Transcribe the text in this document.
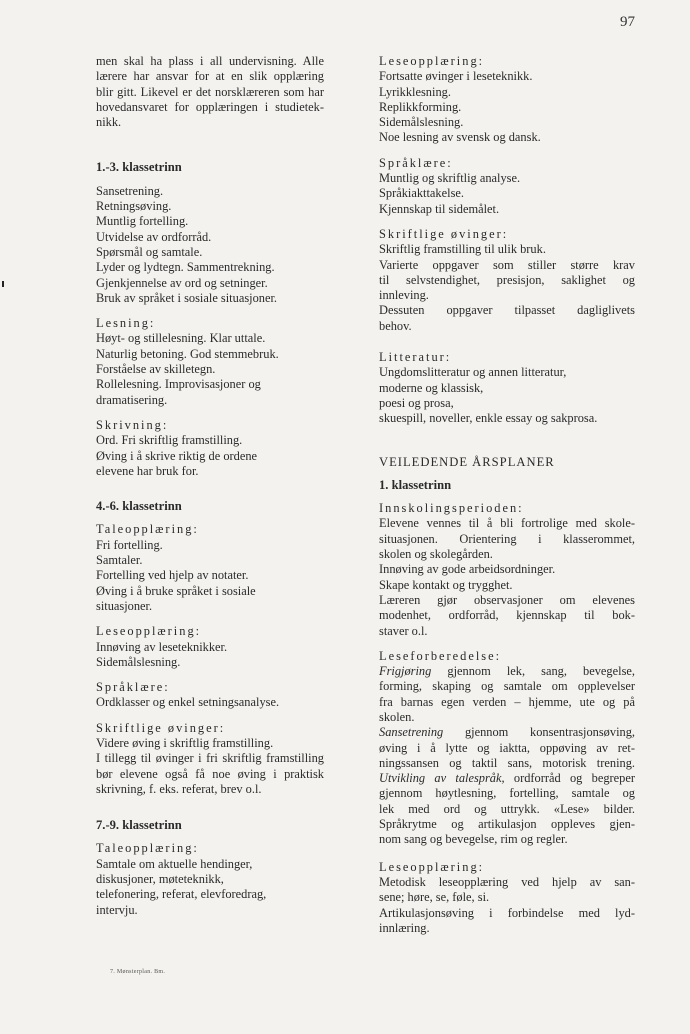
97
men skal ha plass i all undervisning. Alle
lærere har ansvar for at en slik opplæring
blir gitt. Likevel er det norsklæreren som har
hovedansvaret for opplæringen i studietek-
nikk.
1.-3. klassetrinn
Sansetrening.
Retningsøving.
Muntlig fortelling.
Utvidelse av ordforråd.
Spørsmål og samtale.
Lyder og lydtegn. Sammentrekning.
Gjenkjennelse av ord og setninger.
Bruk av språket i sosiale situasjoner.
Lesning:
Høyt- og stillelesning. Klar uttale.
Naturlig betoning. God stemmebruk.
Forståelse av skilletegn.
Rollelesning. Improvisasjoner og
dramatisering.
Skrivning:
Ord. Fri skriftlig framstilling.
Øving i å skrive riktig de ordene
elevene har bruk for.
4.-6. klassetrinn
Taleopplæring:
Fri fortelling.
Samtaler.
Fortelling ved hjelp av notater.
Øving i å bruke språket i sosiale
situasjoner.
Leseopplæring:
Innøving av leseteknikker.
Sidemålslesning.
Språklære:
Ordklasser og enkel setningsanalyse.
Skriftlige øvinger:
Videre øving i skriftlig framstilling.
I tillegg til øvinger i fri skriftlig framstilling
bør elevene også få noe øving i praktisk
skrivning, f. eks. referat, brev o.l.
7.-9. klassetrinn
Taleopplæring:
Samtale om aktuelle hendinger,
diskusjoner, møteteknikk,
telefonering, referat, elevforedrag,
intervju.
7. Mønsterplan. Bm.
Leseopplæring:
Fortsatte øvinger i leseteknikk.
Lyrikklesning.
Replikkforming.
Sidemålslesning.
Noe lesning av svensk og dansk.
Språklære:
Muntlig og skriftlig analyse.
Språkiakttakelse.
Kjennskap til sidemålet.
Skriftlige øvinger:
Skriftlig framstilling til ulik bruk.
Varierte oppgaver som stiller større krav
til selvstendighet, presisjon, saklighet og
innleving.
Dessuten oppgaver tilpasset dagliglivets
behov.
Litteratur:
Ungdomslitteratur og annen litteratur,
moderne og klassisk,
poesi og prosa,
skuespill, noveller, enkle essay og sakprosa.
VEILEDENDE ÅRSPLANER
1. klassetrinn
Innskolingsperioden:
Elevene vennes til å bli fortrolige med skole-
situasjonen. Orientering i klasserommet,
skolen og skolegården.
Innøving av gode arbeidsordninger.
Skape kontakt og trygghet.
Læreren gjør observasjoner om elevenes
modenhet, ordforråd, kjennskap til bok-
staver o.l.
Leseforberedelse:
Frigjøring gjennom lek, sang, bevegelse,
forming, skaping og samtale om opplevelser
fra barnas egen verden – hjemme, ute og på
skolen.
Sansetrening gjennom konsentrasjonsøving,
øving i å lytte og iaktta, oppøving av ret-
ningssansen og taktil sans, motorisk trening.
Utvikling av talespråk, ordforråd og begreper
gjennom høytlesning, fortelling, samtale og
lek med ord og uttrykk. «Lese» bilder.
Språkrytme og artikulasjon oppleves gjen-
nom sang og bevegelse, rim og regler.
Leseopplæring:
Metodisk leseopplæring ved hjelp av san-
sene; høre, se, føle, si.
Artikulasjonsøving i forbindelse med lyd-
innlæring.
